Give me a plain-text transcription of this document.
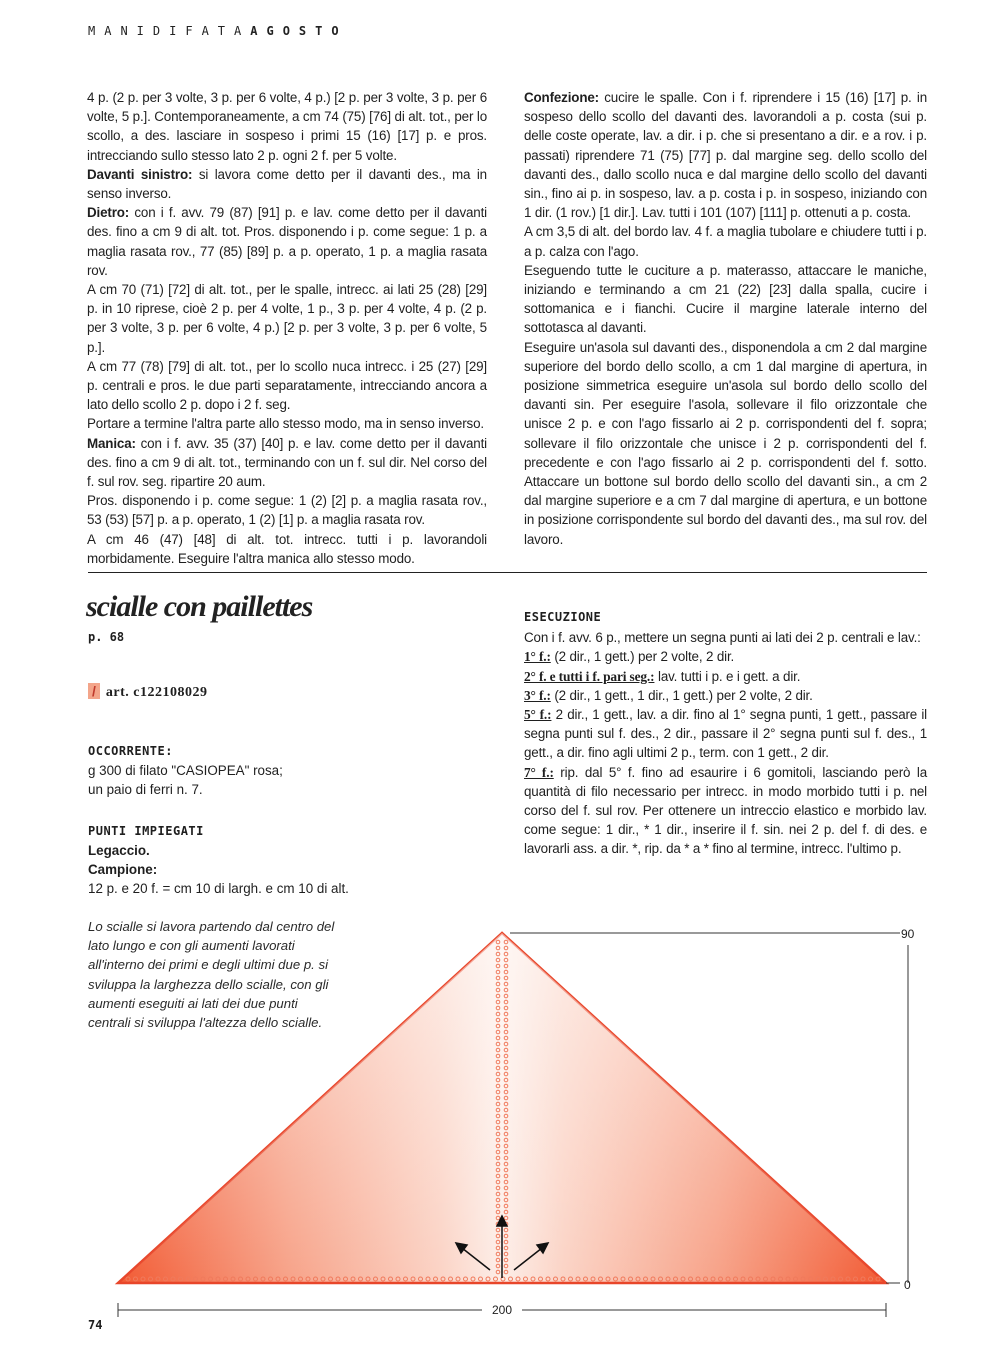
MANIDIFATAAGOSTO

4 p. (2 p. per 3 volte, 3 p. per 6 volte, 4 p.) [2 p. per 3 volte, 3 p. per 6 volte, 5 p.]. Contemporaneamente, a cm 74 (75) [76] di alt. tot., per lo scollo, a des. lasciare in sospeso i primi 15 (16) [17] p. e pros. intrecciando sullo stesso lato 2 p. ogni 2 f. per 5 volte.

Davanti sinistro: si lavora come detto per il davanti des., ma in senso inverso.

Dietro: con i f. avv. 79 (87) [91] p. e lav. come detto per il davanti des. fino a cm 9 di alt. tot. Pros. disponendo i p. come segue: 1 p. a maglia rasata rov., 77 (85) [89] p. a p. operato, 1 p. a maglia rasata rov.

A cm 70 (71) [72] di alt. tot., per le spalle, intrecc. ai lati 25 (28) [29] p. in 10 riprese, cioè 2 p. per 4 volte, 1 p., 3 p. per 4 volte, 4 p. (2 p. per 3 volte, 3 p. per 6 volte, 4 p.) [2 p. per 3 volte, 3 p. per 6 volte, 5 p.].

A cm 77 (78) [79] di alt. tot., per lo scollo nuca intrecc. i 25 (27) [29] p. centrali e pros. le due parti separatamente, intrecciando ancora a lato dello scollo 2 p. dopo i 2 f. seg.

Portare a termine l'altra parte allo stesso modo, ma in senso inverso.

Manica: con i f. avv. 35 (37) [40] p. e lav. come detto per il davanti des. fino a cm 9 di alt. tot., terminando con un f. sul dir. Nel corso del f. sul rov. seg. ripartire 20 aum.

Pros. disponendo i p. come segue: 1 (2) [2] p. a maglia rasata rov., 53 (53) [57] p. a p. operato, 1 (2) [1] p. a maglia rasata rov.

A cm 46 (47) [48] di alt. tot. intrecc. tutti i p. lavorandoli morbidamente. Eseguire l'altra manica allo stesso modo.

Confezione: cucire le spalle. Con i f. riprendere i 15 (16) [17] p. in sospeso dello scollo del davanti des. lavorandoli a p. costa (sui p. delle coste operate, lav. a dir. i p. che si presentano a dir. e a rov. i p. passati) riprendere 71 (75) [77] p. dal margine seg. dello scollo del davanti des., dallo scollo nuca e dal margine dello scollo del davanti sin., fino ai p. in sospeso, lav. a p. costa i p. in sospeso, iniziando con 1 dir. (1 rov.) [1 dir.]. Lav. tutti i 101 (107) [111] p. ottenuti a p. costa.

A cm 3,5 di alt. del bordo lav. 4 f. a maglia tubolare e chiudere tutti i p. a p. calza con l'ago.

Eseguendo tutte le cuciture a p. materasso, attaccare le maniche, iniziando e terminando a cm 21 (22) [23] dalla spalla, cucire i sottomanica e i fianchi. Cucire il margine laterale interno del sottotasca al davanti.

Eseguire un'asola sul davanti des., disponendola a cm 2 dal margine superiore del bordo dello scollo, a cm 1 dal margine di apertura, in posizione simmetrica eseguire un'asola sul bordo dello scollo del davanti sin. Per eseguire l'asola, sollevare il filo orizzontale che unisce 2 p. e con l'ago fissarlo ai 2 p. corrispondenti del f. sopra; sollevare il filo orizzontale che unisce i 2 p. corrispondenti del f. precedente e con l'ago fissarlo ai 2 p. corrispondenti del f. sotto. Attaccare un bottone sul bordo dello scollo del davanti sin., a cm 2 dal margine superiore e a cm 7 dal margine di apertura, e un bottone in posizione corrispondente sul bordo del davanti des., ma sul rov. del lavoro.

scialle con paillettes
p. 68
/ art. c122108029
OCCORRENTE:
g 300 di filato "CASIOPEA" rosa;
un paio di ferri n. 7.
PUNTI IMPIEGATI
Legaccio.
Campione:
12 p. e 20 f. = cm 10 di largh. e cm 10 di alt.
Lo scialle si lavora partendo dal centro del lato lungo e con gli aumenti lavorati all'interno dei primi e degli ultimi due p. si sviluppa la larghezza dello scialle, con gli aumenti eseguiti ai lati dei due punti centrali si sviluppa l'altezza dello scialle.
ESECUZIONE

Con i f. avv. 6 p., mettere un segna punti ai lati dei 2 p. centrali e lav.:

1° f.: (2 dir., 1 gett.) per 2 volte, 2 dir.

2° f. e tutti i f. pari seg.: lav. tutti i p. e i gett. a dir.

3° f.: (2 dir., 1 gett., 1 dir., 1 gett.) per 2 volte, 2 dir.

5° f.: 2 dir., 1 gett., lav. a dir. fino al 1° segna punti, 1 gett., passare il segna punti sul f. des., 2 dir., passare il 2° segna punti sul f. des., 1 gett., a dir. fino agli ultimi 2 p., term. con 1 gett., 2 dir.

7° f.: rip. dal 5° f. fino ad esaurire i 6 gomitoli, lasciando però la quantità di filo necessario per intrecc. in modo morbido tutti i p. nel corso del f. sul rov. Per ottenere un intreccio elastico e morbido lav. come segue: 1 dir., * 1 dir., inserire il f. sin. nei 2 p. del f. di des. e lavorarli ass. a dir. *, rip. da * a * fino al termine, intrecc. l'ultimo p.

90
0
200
74
